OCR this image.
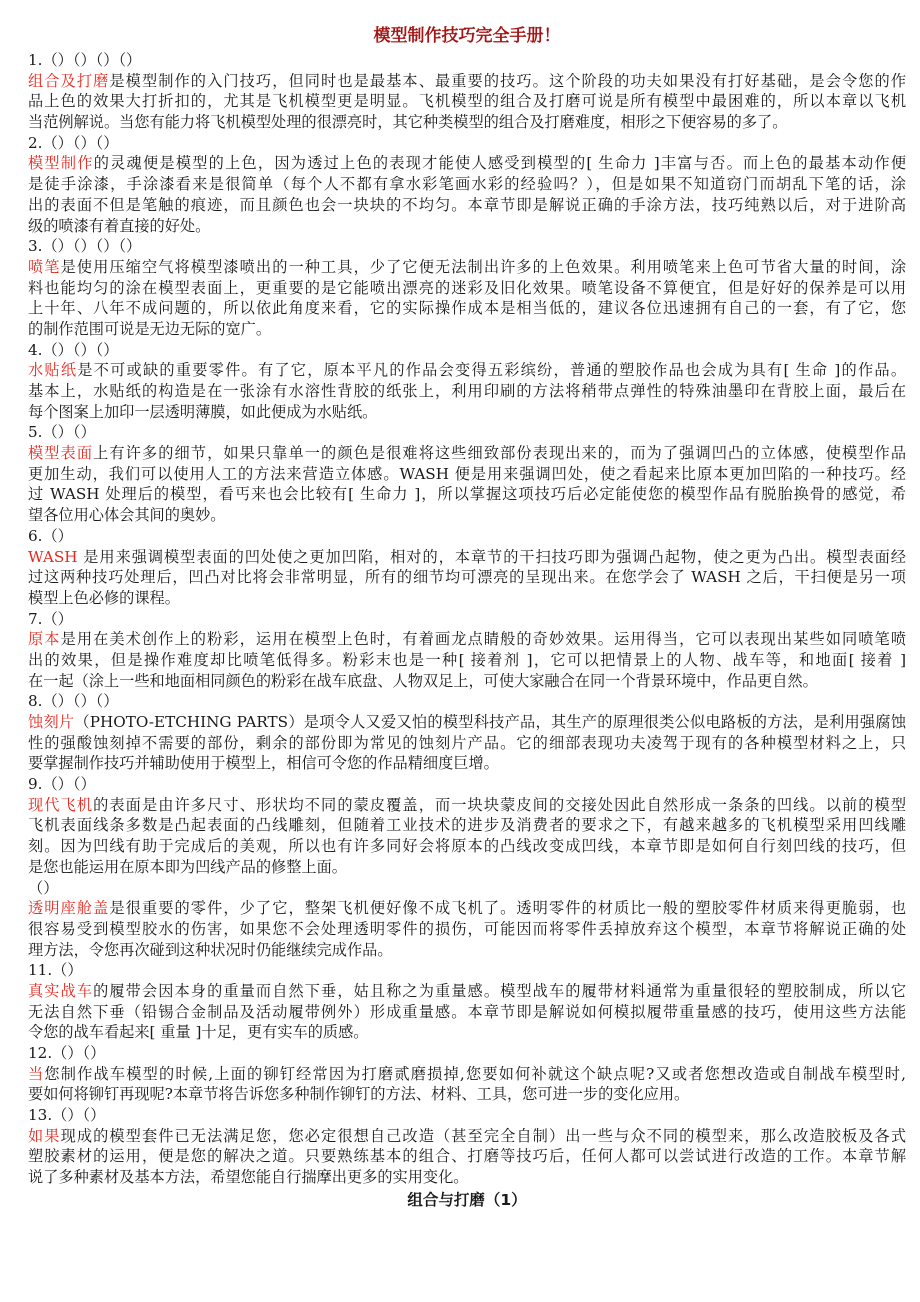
模型制作技巧完全手册！
1.（）（）（）（）
组合及打磨是模型制作的入门技巧，但同时也是最基本、最重要的技巧。这个阶段的功夫如果没有打好基础，是会令您的作
品上色的效果大打折扣的，尤其是飞机模型更是明显。飞机模型的组合及打磨可说是所有模型中最困难的，所以本章以飞机
当范例解说。当您有能力将飞机模型处理的很漂亮时，其它种类模型的组合及打磨难度，相形之下便容易的多了。
2.（）（）（）
模型制作的灵魂便是模型的上色，因为透过上色的表现才能使人感受到模型的[ 生命力 ]丰富与否。而上色的最基本动作便
是徒手涂漆，手涂漆看来是很简单（每个人不都有拿水彩笔画水彩的经验吗？），但是如果不知道窃门而胡乱下笔的话，涂
出的表面不但是笔触的痕迹，而且颜色也会一块块的不均匀。本章节即是解说正确的手涂方法，技巧纯熟以后，对于进阶高
级的喷漆有着直接的好处。
3.（）（）（）（）
喷笔是使用压缩空气将模型漆喷出的一种工具，少了它便无法制出许多的上色效果。利用喷笔来上色可节省大量的时间，涂
料也能均匀的涂在模型表面上，更重要的是它能喷出漂亮的迷彩及旧化效果。喷笔设备不算便宜，但是好好的保养是可以用
上十年、八年不成问题的，所以依此角度来看，它的实际操作成本是相当低的，建议各位迅速拥有自己的一套，有了它，您
的制作范围可说是无边无际的宽广。
4.（）（）（）
水贴纸是不可或缺的重要零件。有了它，原本平凡的作品会变得五彩缤纷，普通的塑胶作品也会成为具有[ 生命 ]的作品。
基本上，水贴纸的构造是在一张涂有水溶性背胶的纸张上，利用印刷的方法将稍带点弹性的特殊油墨印在背胶上面，最后在
每个图案上加印一层透明薄膜，如此便成为水贴纸。
5.（）（）
模型表面上有许多的细节，如果只靠单一的颜色是很难将这些细致部份表现出来的，而为了强调凹凸的立体感，使模型作品
更加生动，我们可以使用人工的方法来营造立体感。WASH 便是用来强调凹处，使之看起来比原本更加凹陷的一种技巧。经
过 WASH 处理后的模型，看丐来也会比较有[ 生命力 ]，所以掌握这项技巧后必定能使您的模型作品有脱胎换骨的感觉，希
望各位用心体会其间的奥妙。
6.（）
WASH 是用来强调模型表面的凹处使之更加凹陷，相对的，本章节的干扫技巧即为强调凸起物，使之更为凸出。模型表面经
过这两种技巧处理后，凹凸对比将会非常明显，所有的细节均可漂亮的呈现出来。在您学会了 WASH 之后，干扫便是另一项
模型上色必修的课程。
7.（）
原本是用在美术创作上的粉彩，运用在模型上色时，有着画龙点睛般的奇妙效果。运用得当，它可以表现出某些如同喷笔喷
出的效果，但是操作难度却比喷笔低得多。粉彩末也是一种[ 接着剂 ]，它可以把情景上的人物、战车等，和地面[ 接着 ]
在一起（涂上一些和地面相同颜色的粉彩在战车底盘、人物双足上，可使大家融合在同一个背景环境中，作品更自然。
8.（）（）（）
蚀刻片（PHOTO-ETCHING PARTS）是项令人又爱又怕的模型科技产品，其生产的原理很类公似电路板的方法，是利用强腐蚀
性的强酸蚀刻掉不需要的部份，剩余的部份即为常见的蚀刻片产品。它的细部表现功夫凌驾于现有的各种模型材料之上，只
要掌握制作技巧并辅助使用于模型上，相信可令您的作品精细度巨增。
9.（）（）
现代飞机的表面是由许多尺寸、形状均不同的蒙皮覆盖，而一块块蒙皮间的交接处因此自然形成一条条的凹线。以前的模型
飞机表面线条多数是凸起表面的凸线雕刻，但随着工业技术的进步及消费者的要求之下，有越来越多的飞机模型采用凹线雕
刻。因为凹线有助于完成后的美观，所以也有许多同好会将原本的凸线改变成凹线，本章节即是如何自行刻凹线的技巧，但
是您也能运用在原本即为凹线产品的修整上面。
（）
透明座舱盖是很重要的零件，少了它，整架飞机便好像不成飞机了。透明零件的材质比一般的塑胶零件材质来得更脆弱，也
很容易受到模型胶水的伤害，如果您不会处理透明零件的损伤，可能因而将零件丢掉放弃这个模型，本章节将解说正确的处
理方法，令您再次碰到这种状况时仍能继续完成作品。
11.（）
真实战车的履带会因本身的重量而自然下垂，姑且称之为重量感。模型战车的履带材料通常为重量很轻的塑胶制成，所以它
无法自然下垂（铅锡合金制品及活动履带例外）形成重量感。本章节即是解说如何模拟履带重量感的技巧，使用这些方法能
令您的战车看起来[ 重量 ]十足，更有实车的质感。
12.（）（）
当您制作战车模型的时候,上面的铆钉经常因为打磨贰磨损掉,您要如何补就这个缺点呢?又或者您想改造或自制战车模型时,
要如何将铆钉再现呢?本章节将告诉您多种制作铆钉的方法、材料、工具，您可进一步的变化应用。
13.（）（）
如果现成的模型套件已无法满足您，您必定很想自己改造（甚至完全自制）出一些与众不同的模型来，那么改造胶板及各式
塑胶素材的运用，便是您的解决之道。只要熟练基本的组合、打磨等技巧后，任何人都可以尝试进行改造的工作。本章节解
说了多种素材及基本方法，希望您能自行揣摩出更多的实用变化。
组合与打磨（1）
